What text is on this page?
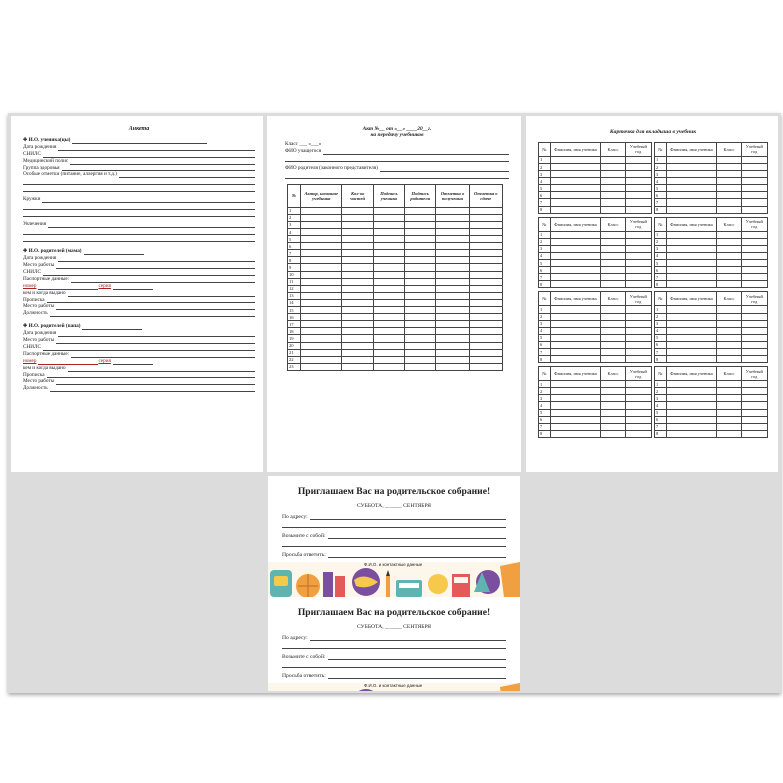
Анкета
✚ И.О. ученика(цы)
Дата рождения
СНИЛС
Медицинский полис
Группа здоровья
Особые отметки (питание, аллергия и т.д.)
Кружки
Увлечения
✚ И.О. родителей (мама)
Дата рождения
Место работы
СНИЛС
Паспортные данные:
номер	серия
кем и когда выдано
Прописка
Место работы
Должность
✚ И.О. родителей (папа)
Дата рождения
Место работы
СНИЛС
Паспортные данные:
номер	серия
кем и когда выдано
Прописка
Место работы
Должность
Акт №__ от «__» ____20__г.
на передачу учебников
Класс ___ «___»
ФИО учащегося
ФИО родителя (законного представителя)
№	Автор, название учебника	Кол-во частей	Подпись ученика	Подпись родителя	Отметка о получении	Отметка о сдаче
1						
2						
3						
4						
5						
6						
7						
8						
9						
10						
11						
12						
13						
14						
15						
16						
17						
18						
19						
20						
21						
22						
23						
Карточка для вкладыша в учебник
№	Фамилия, имя ученика	Класс	Учебный год
1			
2			
3			
4			
5			
6			
7			
8			
№	Фамилия, имя ученика	Класс	Учебный год
1			
2			
3			
4			
5			
6			
7			
8			
№	Фамилия, имя ученика	Класс	Учебный год
1			
2			
3			
4			
5			
6			
7			
8			
№	Фамилия, имя ученика	Класс	Учебный год
1			
2			
3			
4			
5			
6			
7			
8			
№	Фамилия, имя ученика	Класс	Учебный год
1			
2			
3			
4			
5			
6			
7			
8			
№	Фамилия, имя ученика	Класс	Учебный год
1			
2			
3			
4			
5			
6			
7			
8			
№	Фамилия, имя ученика	Класс	Учебный год
1			
2			
3			
4			
5			
6			
7			
8			
№	Фамилия, имя ученика	Класс	Учебный год
1			
2			
3			
4			
5			
6			
7			
8			
Приглашаем Вас на родительское собрание!
СУББОТА, ______ СЕНТЯБРЯ
По адресу:
Возьмите с собой:
Просьба ответить:
Ф.И.О. и контактные данные
Приглашаем Вас на родительское собрание!
СУББОТА, ______ СЕНТЯБРЯ
По адресу:
Возьмите с собой:
Просьба ответить:
Ф.И.О. и контактные данные
